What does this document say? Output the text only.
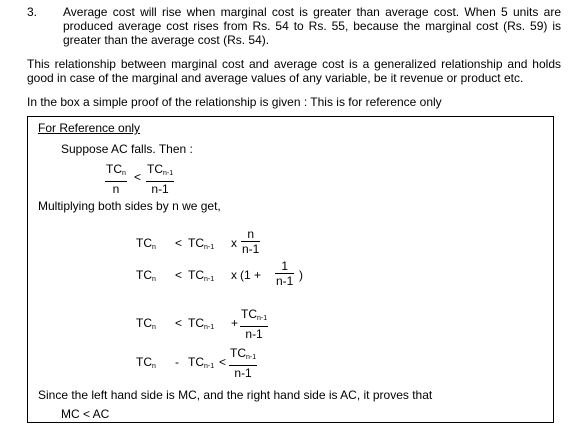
3. Average cost will rise when marginal cost is greater than average cost. When 5 units are produced average cost rises from Rs. 54 to Rs. 55, because the marginal cost (Rs. 59) is greater than the average cost (Rs. 54).
This relationship between marginal cost and average cost is a generalized relationship and holds good in case of the marginal and average values of any variable, be it revenue or product etc.
In the box a simple proof of the relationship is given : This is for reference only
For Reference only
Suppose AC falls. Then :
$TC_n$
n
<
$TC_{n-1}$
n-1
Multiplying both sides by n we get,
$TC_n < TC_{n-1}$ x $\frac{n}{n-1}$
$TC_n < TC_{n-1}$ x ($1 + \frac{1}{n-1}$ )
$TC_n < TC_{n-1}$ +
$TC_{n-1}$
n-1
$TC_n - TC_{n-1}$ <
$TC_{n-1}$
n-1
Since the left hand side is MC, and the right hand side is AC, it proves that
MC < AC
